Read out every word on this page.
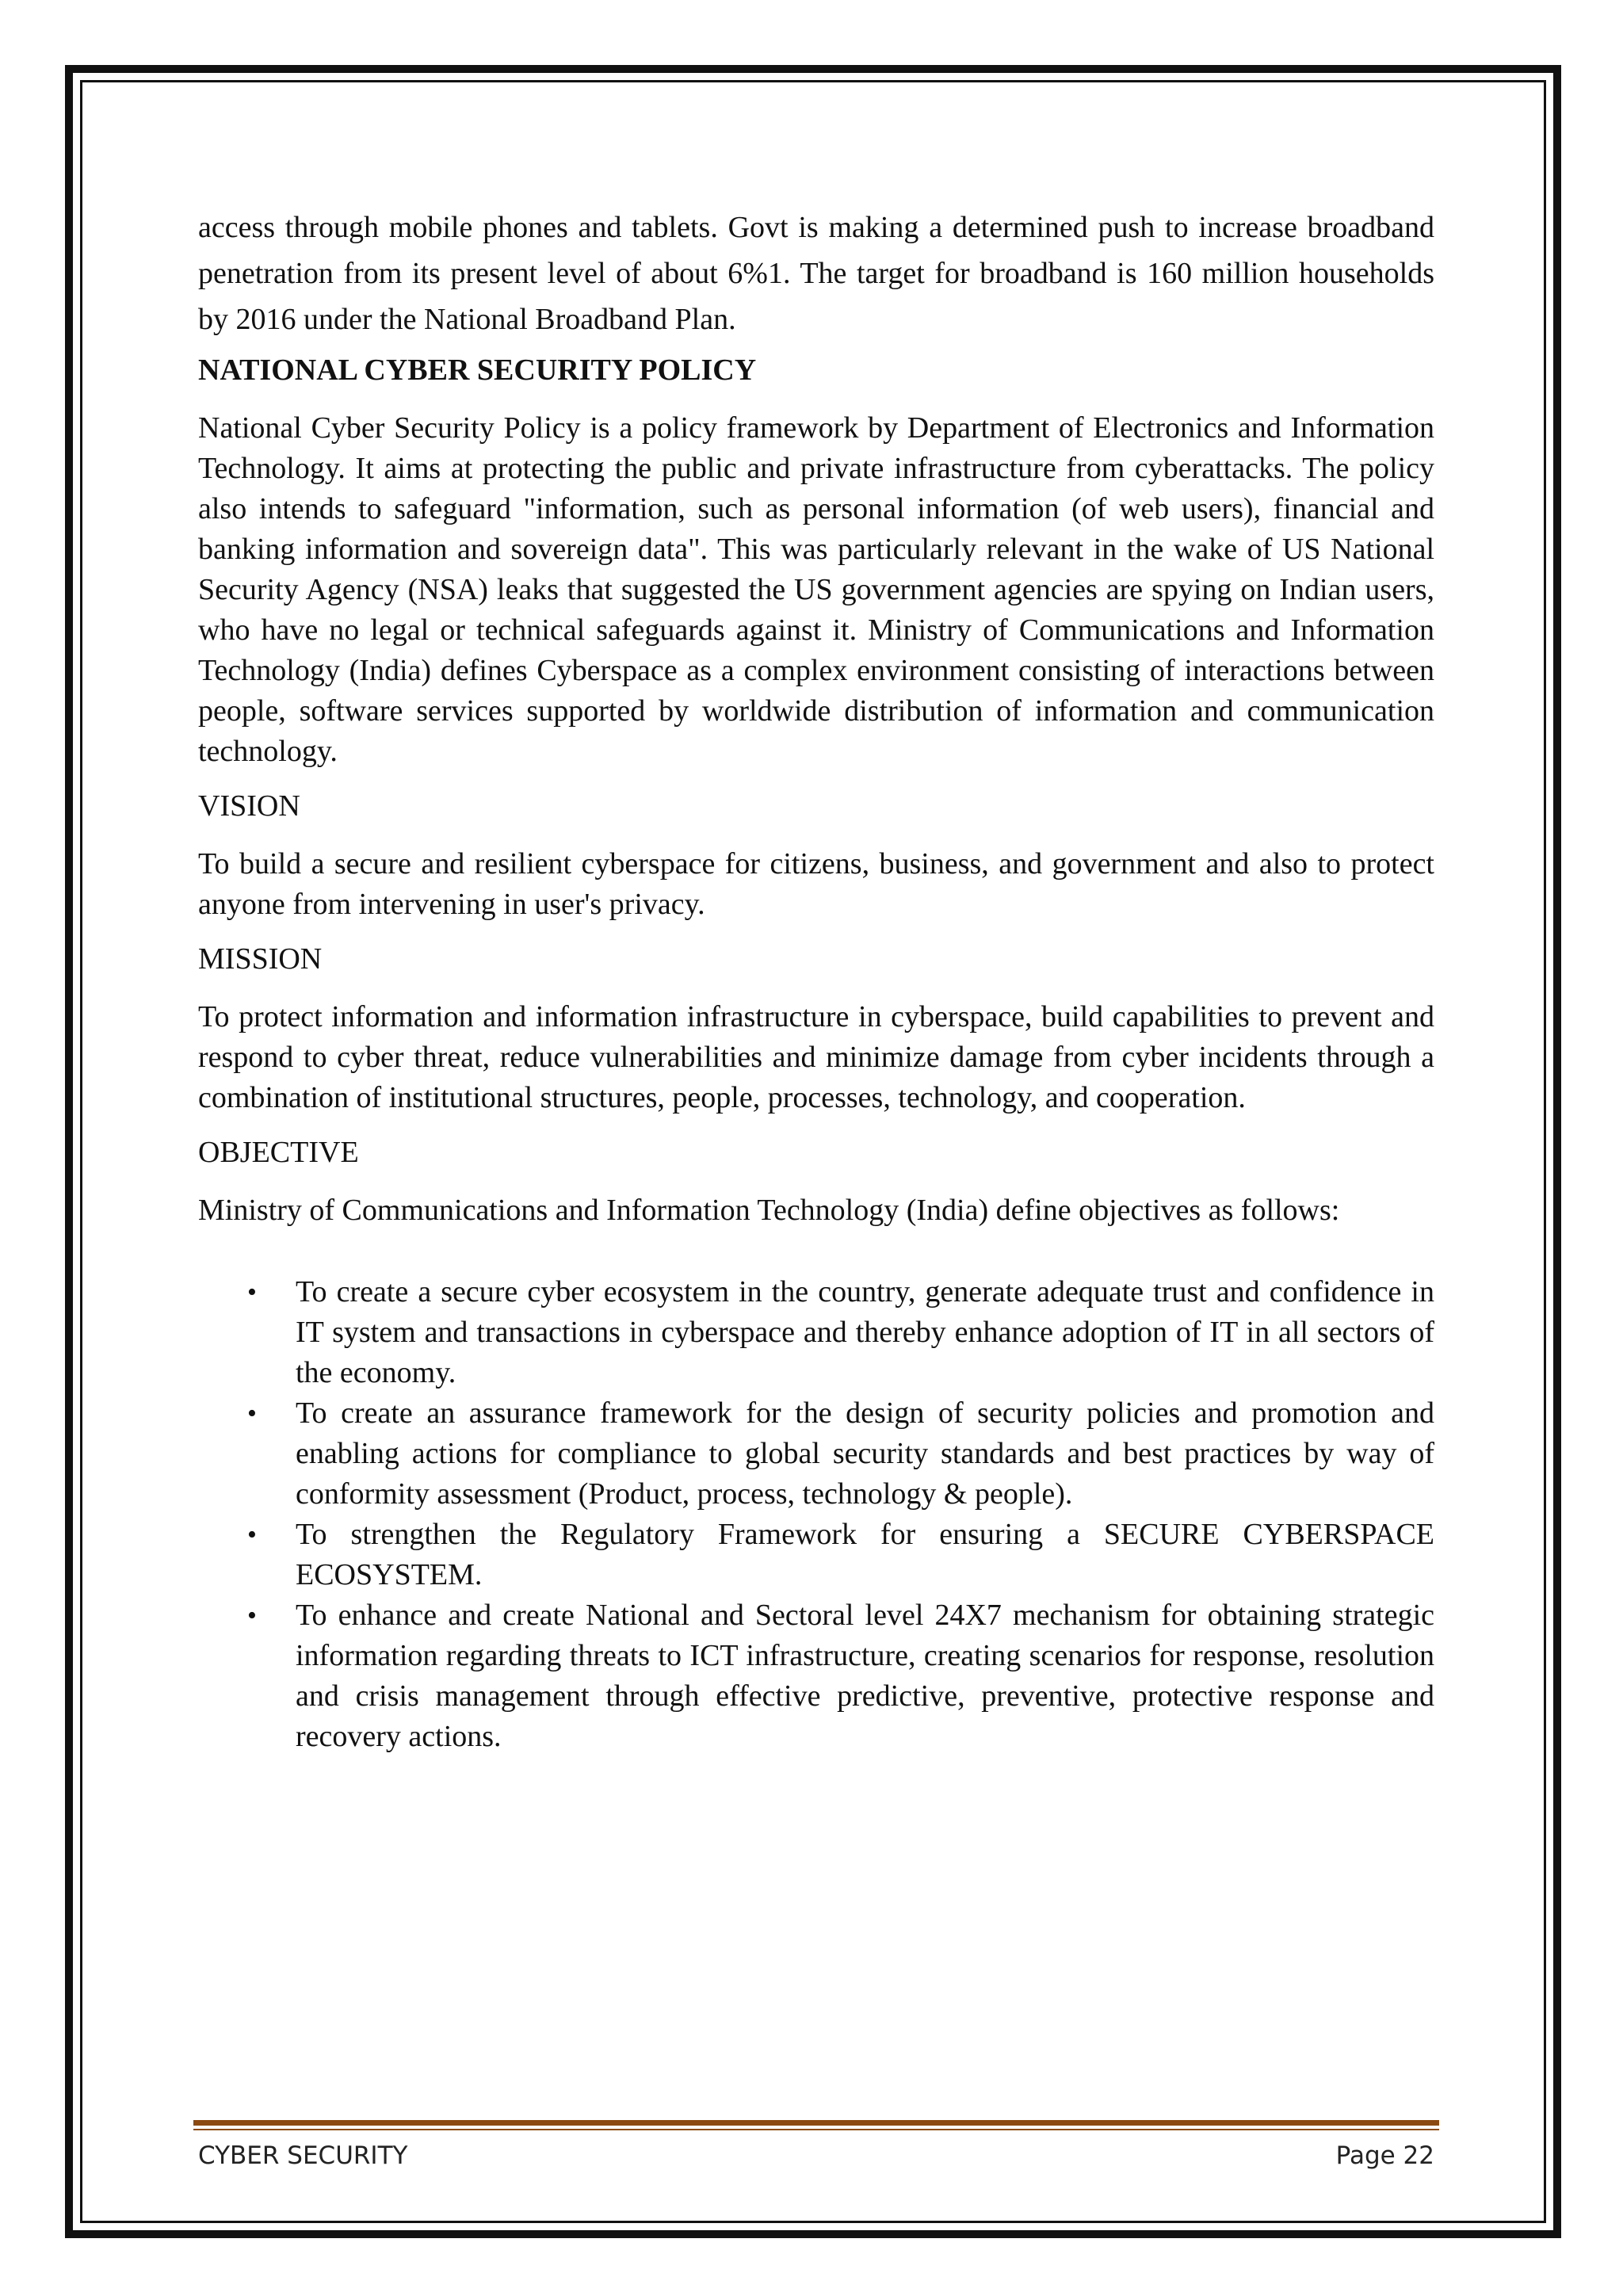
access through mobile phones and tablets. Govt is making a determined push to increase broadband penetration from its present level of about 6%1. The target for broadband is 160 million households by 2016 under the National Broadband Plan.

NATIONAL CYBER SECURITY POLICY

National Cyber Security Policy is a policy framework by Department of Electronics and Information Technology. It aims at protecting the public and private infrastructure from cyberattacks. The policy also intends to safeguard "information, such as personal information (of web users), financial and banking information and sovereign data". This was particularly relevant in the wake of US National Security Agency (NSA) leaks that suggested the US government agencies are spying on Indian users, who have no legal or technical safeguards against it. Ministry of Communications and Information Technology (India) defines Cyberspace as a complex environment consisting of interactions between people, software services supported by worldwide distribution of information and communication technology.

VISION

To build a secure and resilient cyberspace for citizens, business, and government and also to protect anyone from intervening in user's privacy.

MISSION

To protect information and information infrastructure in cyberspace, build capabilities to prevent and respond to cyber threat, reduce vulnerabilities and minimize damage from cyber incidents through a combination of institutional structures, people, processes, technology, and cooperation.

OBJECTIVE

Ministry of Communications and Information Technology (India) define objectives as follows:

• To create a secure cyber ecosystem in the country, generate adequate trust and confidence in IT system and transactions in cyberspace and thereby enhance adoption of IT in all sectors of the economy.
• To create an assurance framework for the design of security policies and promotion and enabling actions for compliance to global security standards and best practices by way of conformity assessment (Product, process, technology & people).
• To strengthen the Regulatory Framework for ensuring a SECURE CYBERSPACE ECOSYSTEM.
• To enhance and create National and Sectoral level 24X7 mechanism for obtaining strategic information regarding threats to ICT infrastructure, creating scenarios for response, resolution and crisis management through effective predictive, preventive, protective response and recovery actions.
CYBER SECURITY	Page 22
